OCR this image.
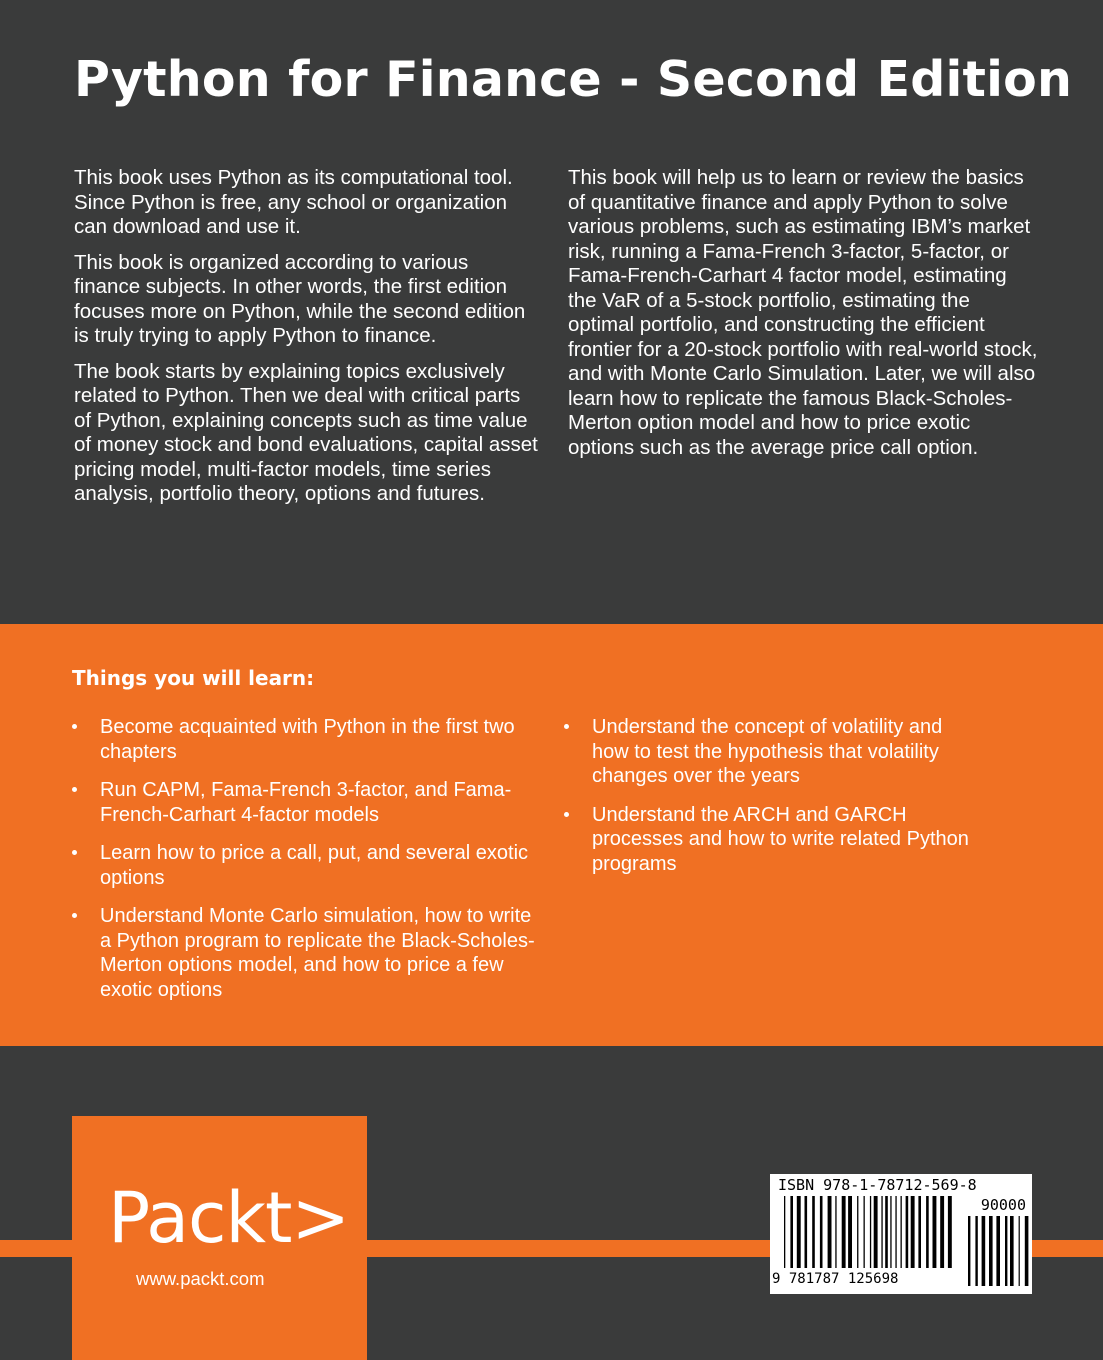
Python for Finance - Second Edition

This book uses Python as its computational tool. Since Python is free, any school or organization can download and use it.

This book is organized according to various finance subjects. In other words, the first edition focuses more on Python, while the second edition is truly trying to apply Python to finance.

The book starts by explaining topics exclusively related to Python. Then we deal with critical parts of Python, explaining concepts such as time value of money stock and bond evaluations, capital asset pricing model, multi-factor models, time series analysis, portfolio theory, options and futures.

This book will help us to learn or review the basics of quantitative finance and apply Python to solve various problems, such as estimating IBM’s market risk, running a Fama-French 3-factor, 5-factor, or Fama-French-Carhart 4 factor model, estimating the VaR of a 5-stock portfolio, estimating the optimal portfolio, and constructing the efficient frontier for a 20-stock portfolio with real-world stock, and with Monte Carlo Simulation. Later, we will also learn how to replicate the famous Black-Scholes-Merton option model and how to price exotic options such as the average price call option.

Things you will learn:
Become acquainted with Python in the first two chapters
Run CAPM, Fama-French 3-factor, and Fama-French-Carhart 4-factor models
Learn how to price a call, put, and several exotic options
Understand Monte Carlo simulation, how to write a Python program to replicate the Black-Scholes-Merton options model, and how to price a few exotic options
Understand the concept of volatility and how to test the hypothesis that volatility changes over the years
Understand the ARCH and GARCH processes and how to write related Python programs
Packt>
www.packt.com
ISBN 978-1-78712-569-8
90000
9 781787 125698
